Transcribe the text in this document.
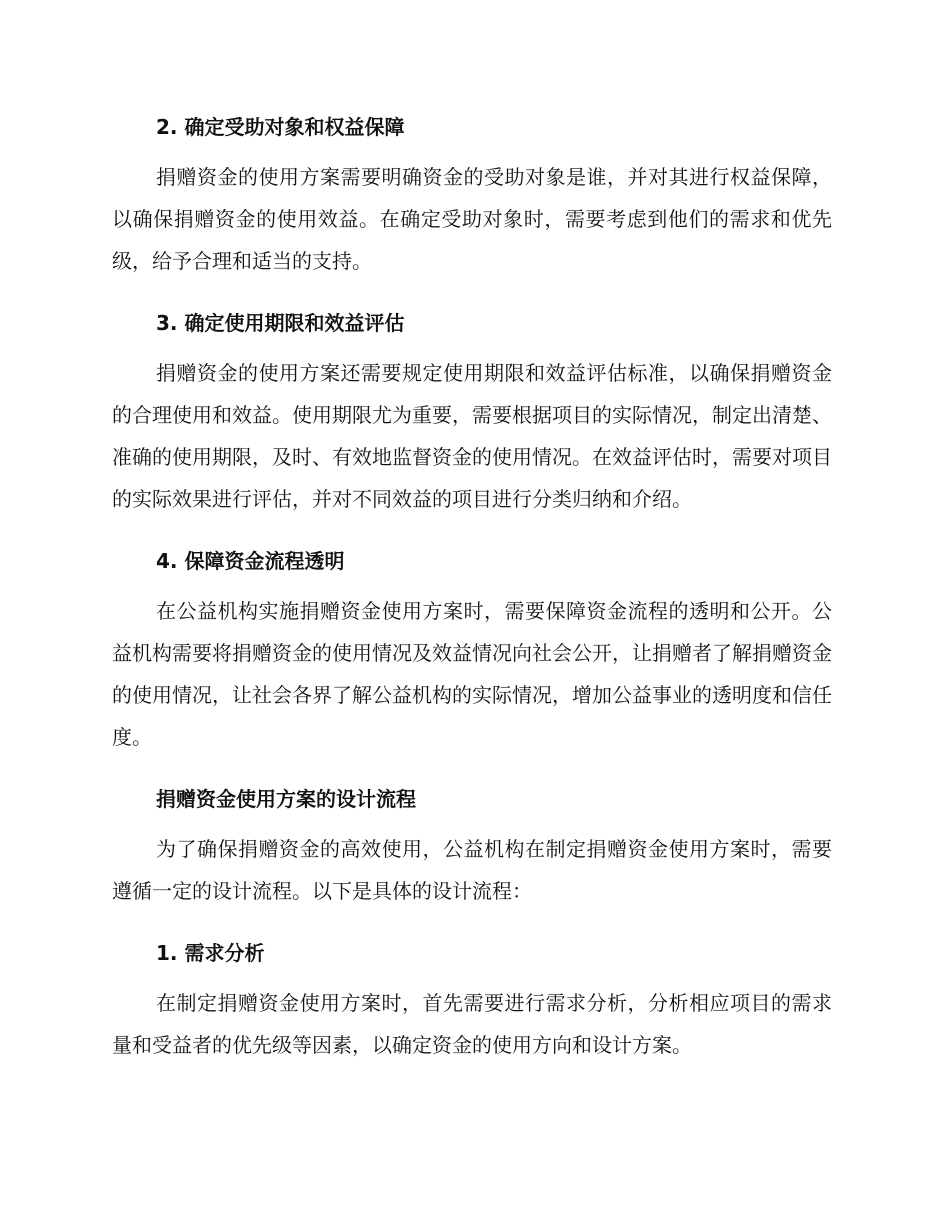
2. 确定受助对象和权益保障

捐赠资金的使用方案需要明确资金的受助对象是谁，并对其进行权益保障，以确保捐赠资金的使用效益。在确定受助对象时，需要考虑到他们的需求和优先级，给予合理和适当的支持。

3. 确定使用期限和效益评估

捐赠资金的使用方案还需要规定使用期限和效益评估标准，以确保捐赠资金的合理使用和效益。使用期限尤为重要，需要根据项目的实际情况，制定出清楚、准确的使用期限，及时、有效地监督资金的使用情况。在效益评估时，需要对项目的实际效果进行评估，并对不同效益的项目进行分类归纳和介绍。

4. 保障资金流程透明

在公益机构实施捐赠资金使用方案时，需要保障资金流程的透明和公开。公益机构需要将捐赠资金的使用情况及效益情况向社会公开，让捐赠者了解捐赠资金的使用情况，让社会各界了解公益机构的实际情况，增加公益事业的透明度和信任度。

捐赠资金使用方案的设计流程

为了确保捐赠资金的高效使用，公益机构在制定捐赠资金使用方案时，需要遵循一定的设计流程。以下是具体的设计流程：

1. 需求分析

在制定捐赠资金使用方案时，首先需要进行需求分析，分析相应项目的需求量和受益者的优先级等因素，以确定资金的使用方向和设计方案。
